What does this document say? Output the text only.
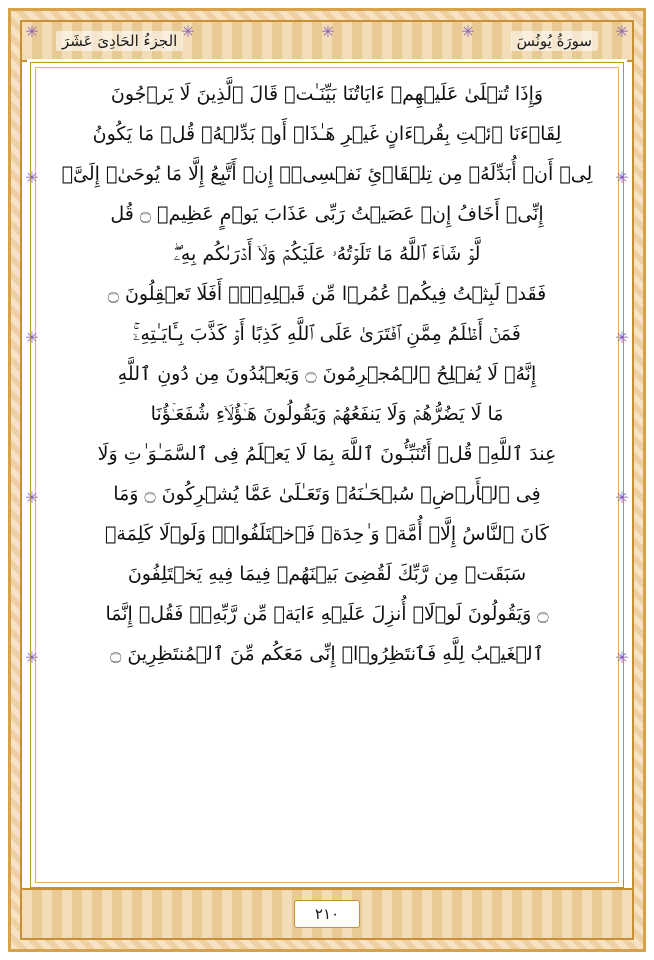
الجزءُ الحَادِىَ عَشَرَ	سورَةُ يُونُسَ
✳	✳
✳
✳
✳
✳
✳
✳
✳
✳
✳	✳	✳
وَإِذَا تُتۡلَىٰ عَلَيۡهِمۡ ءَايَاتُنَا بَيِّنَـٰتࣲ قَالَ ٱلَّذِينَ لَا يَرۡجُونَ
لِقَاۤءَنَا ٱئۡتِ بِقُرۡءَانٍ غَيۡرِ هَـٰذَاۤ أَوۡ بَدِّلۡهُۚ قُلۡ مَا يَكُونُ
لِیۤ أَنۡ أُبَدِّلَهُۥ مِن تِلۡقَاۤئِ نَفۡسِیۤۖ إِنۡ أَتَّبِعُ إِلَّا مَا يُوحَىٰۤ إِلَیَّۖ
إِنِّیۤ أَخَافُ إِنۡ عَصَيۡتُ رَبِّی عَذَابَ يَوۡمٍ عَظِيمࣲ ۝ قُل
لَّوۡ شَاۤءَ ٱللَّهُ مَا تَلَوۡتُهُۥ عَلَيۡكُمۡ وَلَاۤ أَدۡرَىٰكُم بِهِۦۖ
فَقَدۡ لَبِثۡتُ فِيكُمۡ عُمُرࣰا مِّن قَبۡلِهِۦۤۚ أَفَلَا تَعۡقِلُونَ ۝
فَمَنۡ أَظۡلَمُ مِمَّنِ ٱفۡتَرَىٰ عَلَى ٱللَّهِ كَذِبًا أَوۡ كَذَّبَ بِـَٔايَـٰتِهِۦۤۚ
إِنَّهُۥ لَا يُفۡلِحُ ٱلۡمُجۡرِمُونَ ۝ وَيَعۡبُدُونَ مِن دُونِ ٱللَّهِ
مَا لَا يَضُرُّهُمۡ وَلَا يَنفَعُهُمۡ وَيَقُولُونَ هَـٰۤؤُلَاۤءِ شُفَعَـٰۤؤُنَا
عِندَ ٱللَّهِۚ قُلۡ أَتُنَبِّـُٔونَ ٱللَّهَ بِمَا لَا يَعۡلَمُ فِی ٱلسَّمَـٰوَ ٰتِ وَلَا
فِی ٱلۡأَرۡضِۚ سُبۡحَـٰنَهُۥ وَتَعَـٰلَىٰ عَمَّا يُشۡرِكُونَ ۝ وَمَا
كَانَ ٱلنَّاسُ إِلَّاۤ أُمَّةࣰ وَ ٰحِدَةࣰ فَٱخۡتَلَفُوا۟ۚ وَلَوۡلَا كَلِمَةࣱ
سَبَقَتۡ مِن رَّبِّكَ لَقُضِیَ بَيۡنَهُمۡ فِيمَا فِيهِ يَخۡتَلِفُونَ
۝ وَيَقُولُونَ لَوۡلَاۤ أُنزِلَ عَلَيۡهِ ءَايَةࣱ مِّن رَّبِّهِۦۖ فَقُلۡ إِنَّمَا
ٱلۡغَيۡبُ لِلَّهِ فَٱنتَظِرُوۤا۟ إِنِّی مَعَكُم مِّنَ ٱلۡمُنتَظِرِينَ ۝
٢١٠
